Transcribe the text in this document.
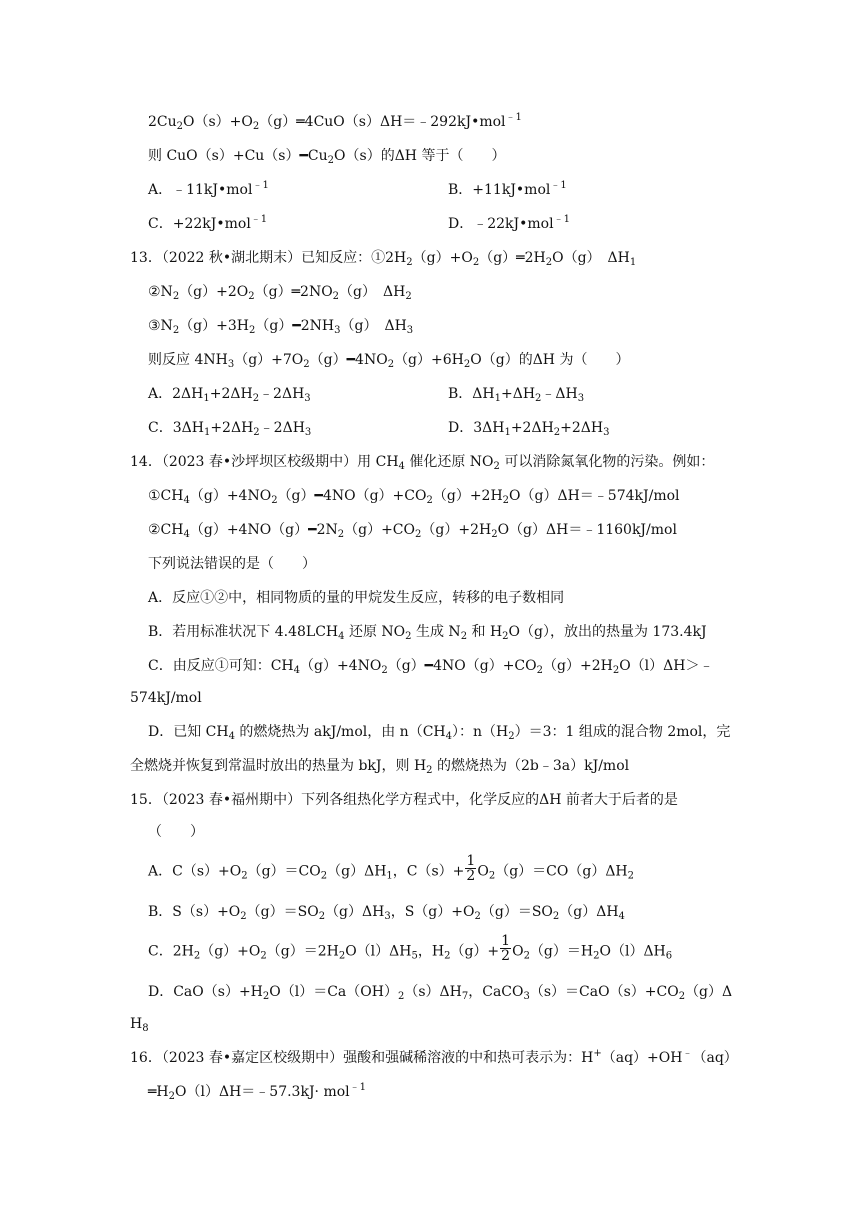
$2Cu_2O(s)+O_2(g)═4CuO(s)\Delta H=﹣292kJ•mol^{﹣1}$
则 $CuO(s)+Cu(s)━Cu_2O(s)$的ΔH 等于（　　）
A．﹣11kJ•mol$^{﹣1}$	B．+11kJ•mol$^{﹣1}$
C．+22kJ•mol$^{﹣1}$	D．﹣22kJ•mol$^{﹣1}$
13．（2022 秋•湖北期末）已知反应：$①2H_2(g)+O_2(g)═2H_2O(g)$　$\Delta H_1$
$②N_2(g)+2O_2(g)═2NO_2(g)$　$\Delta H_2$
$③N_2(g)+3H_2(g)━2NH_3(g)$　$\Delta H_3$
则反应 $4NH_3(g)+7O_2(g)━4NO_2(g)+6H_2O(g)$的ΔH 为（　　）
A．$2\Delta H_1+2\Delta H_2﹣2\Delta H_3$	B．$\Delta H_1+\Delta H_2﹣\Delta H_3$
C．$3\Delta H_1+2\Delta H_2﹣2\Delta H_3$	D．$3\Delta H_1+2\Delta H_2+2\Delta H_3$
14．（2023 春•沙坪坝区校级期中）用 $CH_4$ 催化还原 $NO_2$ 可以消除氮氧化物的污染。例如：
$①CH_4(g)+4NO_2(g)━4NO(g)+CO_2(g)+2H_2O(g)\Delta H=﹣574kJ$/mol
$②CH_4(g)+4NO(g)━2N_2(g)+CO_2(g)+2H_2O(g)\Delta H=﹣1160kJ$/mol
下列说法错误的是（　　）
A．反应①②中，相同物质的量的甲烷发生反应，转移的电子数相同
B．若用标准状况下 $4.48LCH_4$ 还原 $NO_2$ 生成 $N_2$ 和 $H_2O(g)$，放出的热量为 173.4kJ
C．由反应①可知：$CH_4(g)+4NO_2(g)━4NO(g)+CO_2(g)+2H_2O(l)\Delta H>﹣$
574kJ/mol
D．已知 $CH_4$ 的燃烧热为 akJ/mol，由 $n(CH_4)$：$n(H_2)=3$：1 组成的混合物 2mol，完
全燃烧并恢复到常温时放出的热量为 bkJ，则 $H_2$ 的燃烧热为（2b﹣3a）kJ/mol
15．（2023 春•福州期中）下列各组热化学方程式中，化学反应的ΔH 前者大于后者的是
（　　）
A．$C(s)+O_2(g)=CO_2(g)\Delta H_1$，$C(s)+ \frac{1}{2} O_2(g)=CO(g)\Delta H_2$
B．$S(s)+O_2(g)=SO_2(g)\Delta H_3$，$S(g)+O_2(g)=SO_2(g)\Delta H_4$
C．$2H_2(g)+O_2(g)=2H_2O(l)\Delta H_5$，$H_2(g)+ \frac{1}{2} O_2(g)=H_2O(l)\Delta H_6$
D．$CaO(s)+H_2O(l)=Ca(OH)_2(s)\Delta H_7$，$CaCO_3(s)=CaO(s)+CO_2(g)\Delta$
$H_8$
16．（2023 春•嘉定区校级期中）强酸和强碱稀溶液的中和热可表示为：H+（aq）+OH﹣（aq）
$═H_2O(l)\Delta H=﹣57.3kJ\cdot mol^{﹣1}$
